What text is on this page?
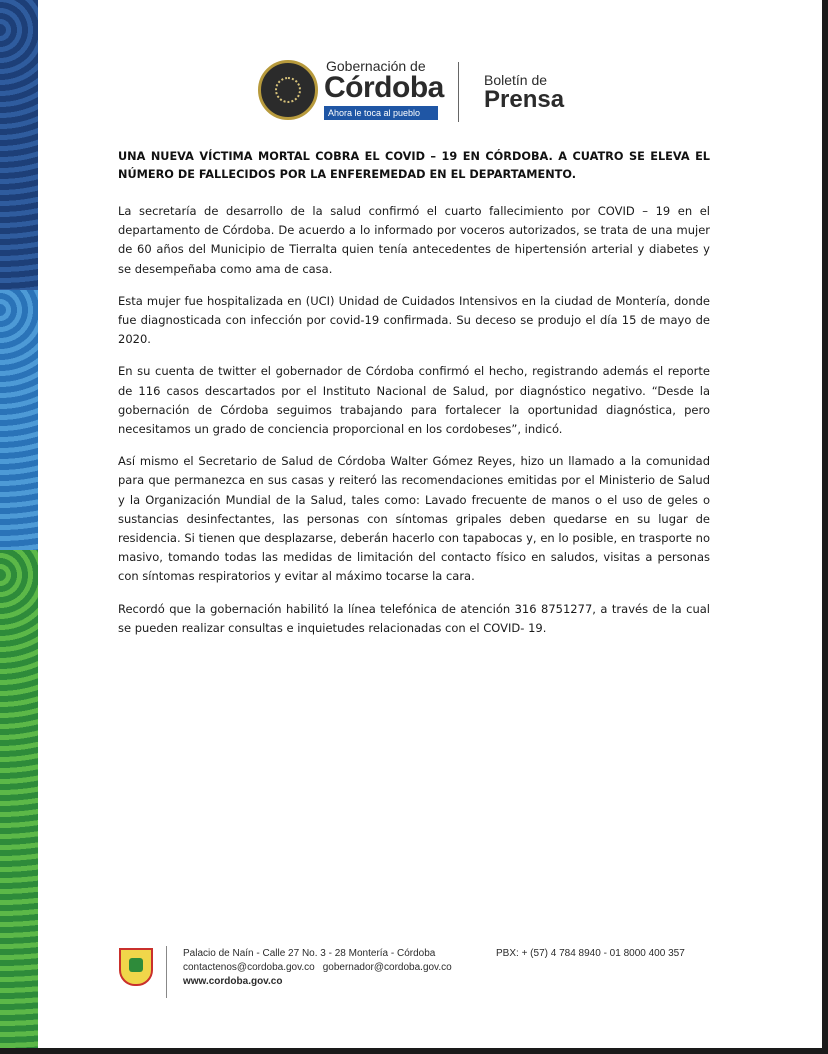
Gobernación de
Córdoba
Ahora le toca al pueblo
Boletín de
Prensa

UNA NUEVA VÍCTIMA MORTAL COBRA EL COVID – 19 EN CÓRDOBA. A CUATRO SE ELEVA EL NÚMERO DE FALLECIDOS POR LA ENFEREMEDAD EN EL DEPARTAMENTO.

La secretaría de desarrollo de la salud confirmó el cuarto fallecimiento por COVID – 19 en el departamento de Córdoba. De acuerdo a lo informado por voceros autorizados, se trata de una mujer de 60 años del Municipio de Tierralta quien tenía antecedentes de hipertensión arterial y diabetes y se desempeñaba como ama de casa.

Esta mujer fue hospitalizada en (UCI) Unidad de Cuidados Intensivos en la ciudad de Montería, donde fue diagnosticada con infección por covid-19 confirmada. Su deceso se produjo el día 15 de mayo de 2020.

En su cuenta de twitter el gobernador de Córdoba confirmó el hecho, registrando además el reporte de 116 casos descartados por el Instituto Nacional de Salud, por diagnóstico negativo. “Desde la gobernación de Córdoba seguimos trabajando para fortalecer la oportunidad diagnóstica, pero necesitamos un grado de conciencia proporcional en los cordobeses”, indicó.

Así mismo el Secretario de Salud de Córdoba Walter Gómez Reyes, hizo un llamado a la comunidad para que permanezca en sus casas y reiteró las recomendaciones emitidas por el Ministerio de Salud y la Organización Mundial de la Salud, tales como: Lavado frecuente de manos o el uso de geles o sustancias desinfectantes, las personas con síntomas gripales deben quedarse en su lugar de residencia. Si tienen que desplazarse, deberán hacerlo con tapabocas y, en lo posible, en trasporte no masivo, tomando todas las medidas de limitación del contacto físico en saludos, visitas a personas con síntomas respiratorios y evitar al máximo tocarse la cara.

Recordó que la gobernación habilitó la línea telefónica de atención 316 8751277, a través de la cual se pueden realizar consultas e inquietudes relacionadas con el COVID- 19.

Palacio de Naín - Calle 27 No. 3 - 28 Montería - Córdoba	PBX: + (57) 4 784 8940 - 01 8000 400 357
contactenos@cordoba.gov.co gobernador@cordoba.gov.co
www.cordoba.gov.co
